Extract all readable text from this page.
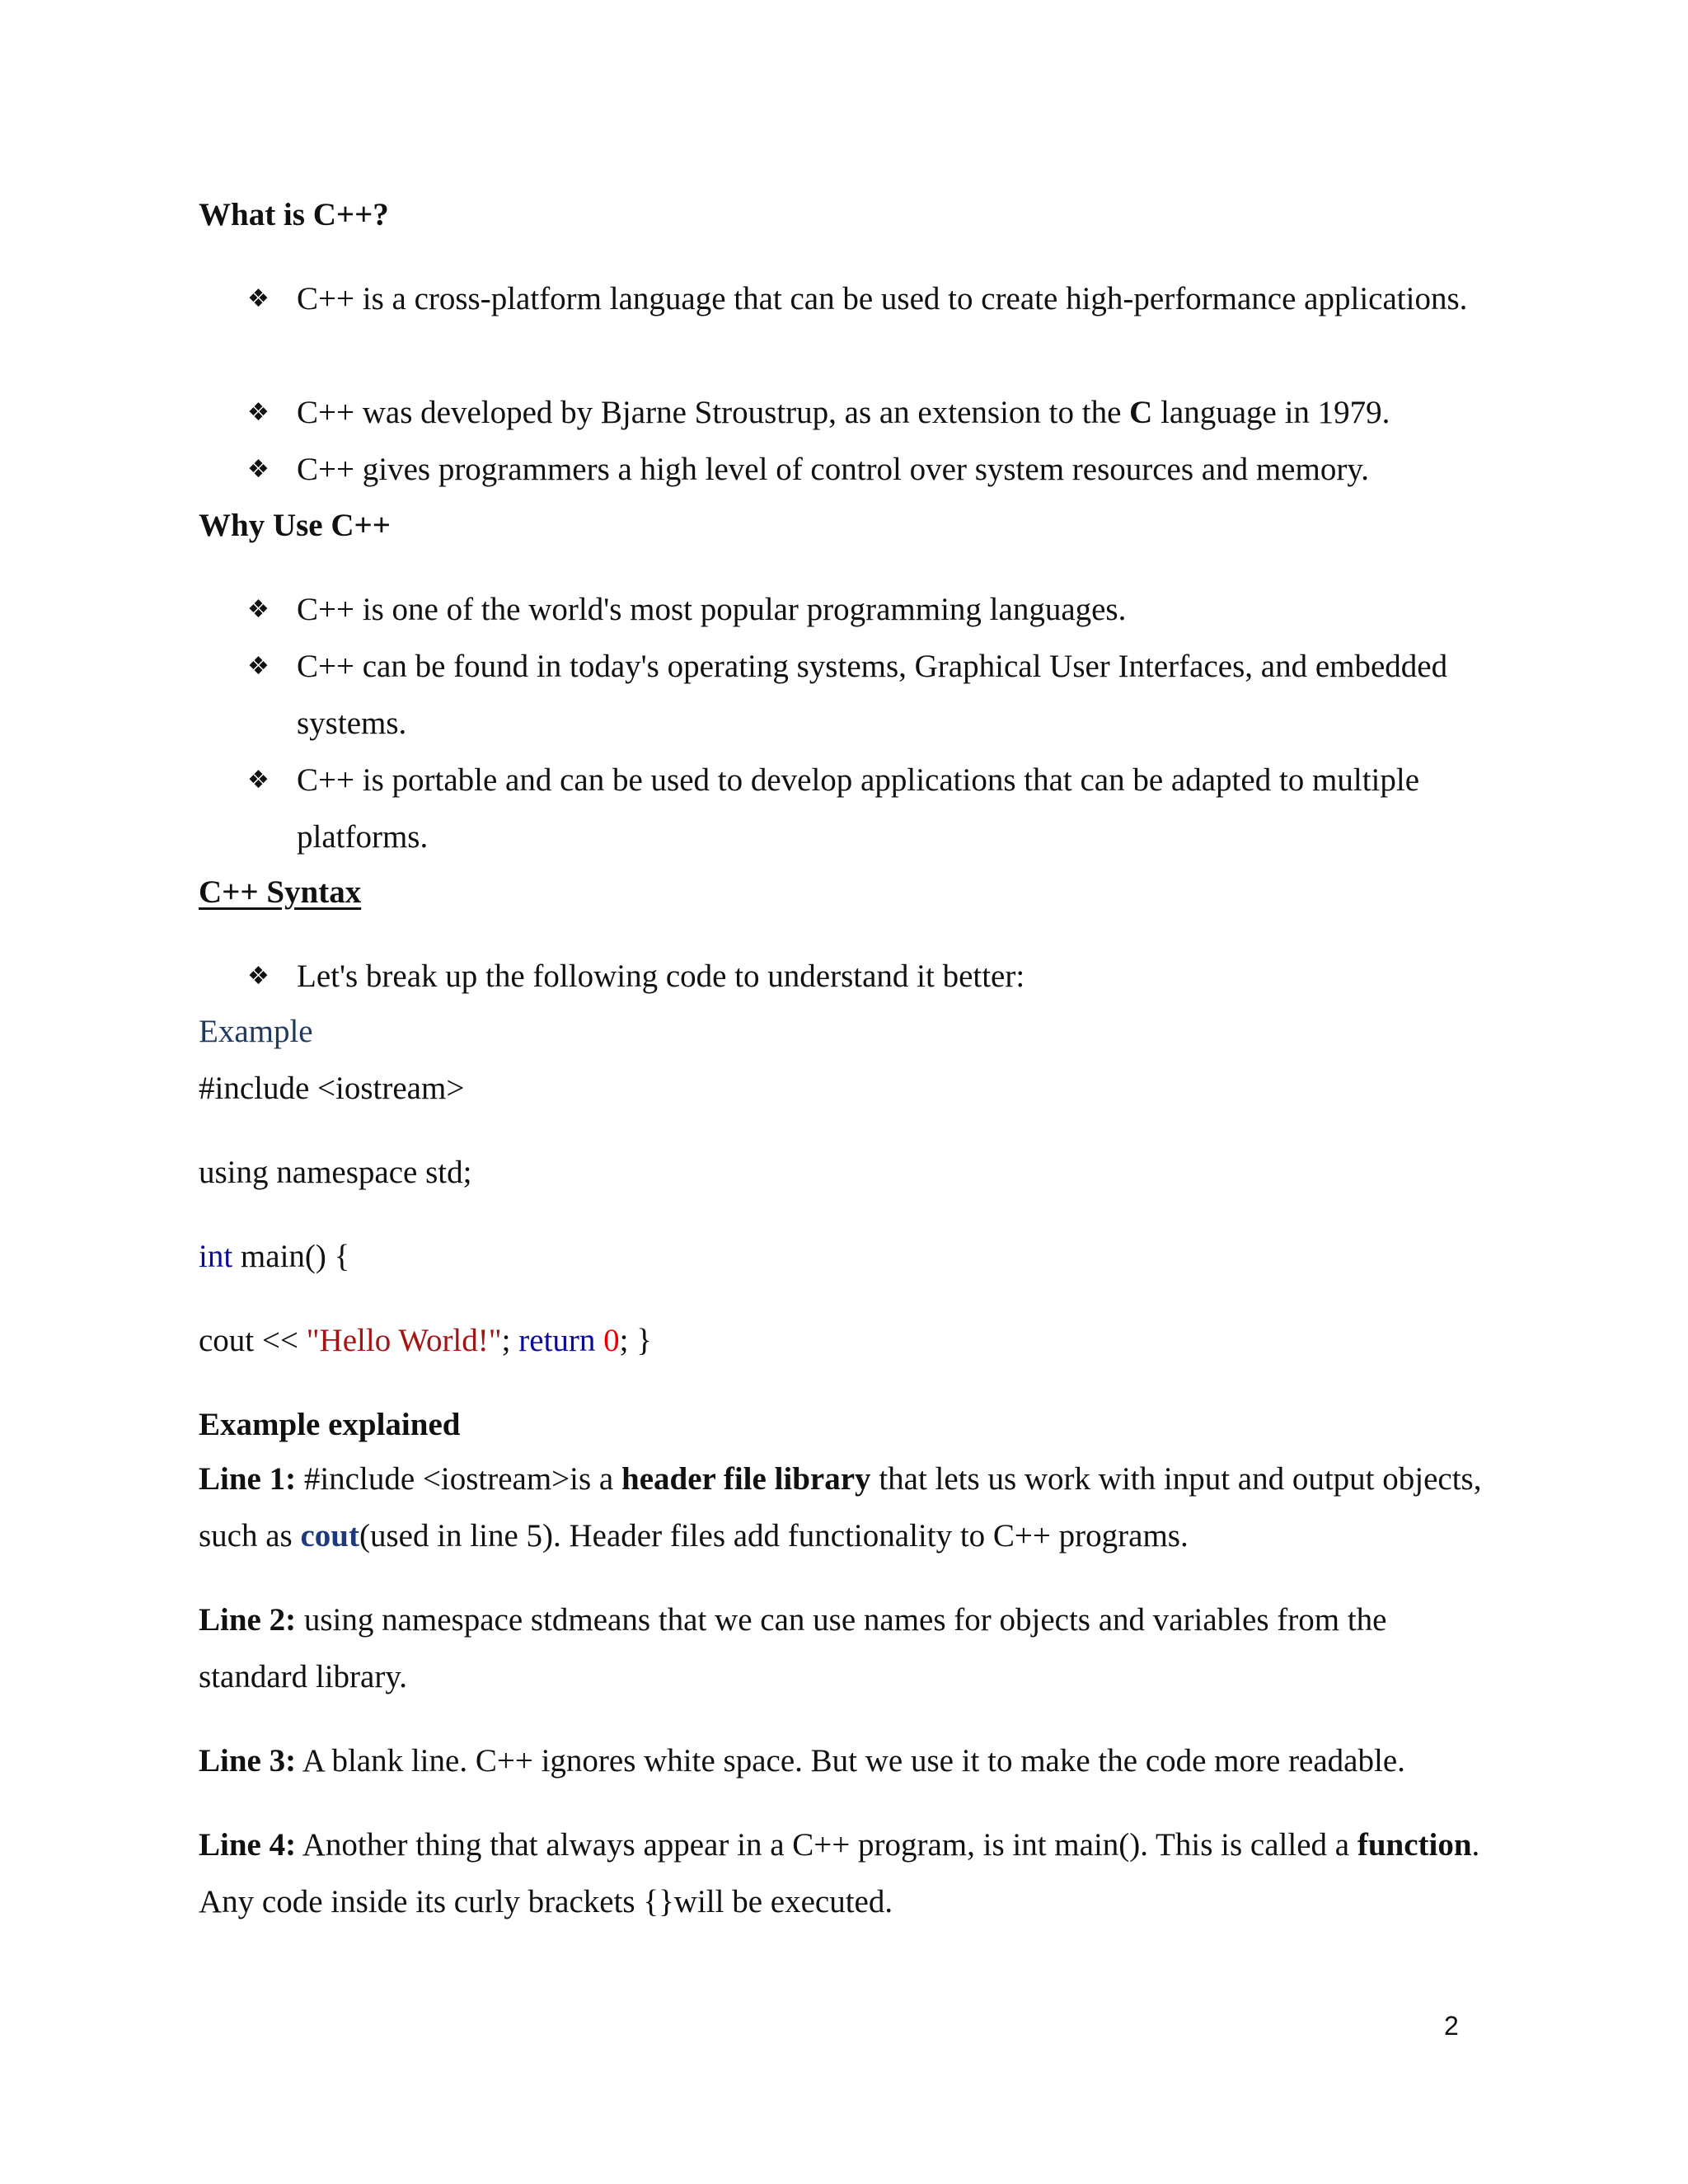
What is C++?
❖ C++ is a cross-platform language that can be used to create high-performance applications.
❖ C++ was developed by Bjarne Stroustrup, as an extension to the C language in 1979.
❖ C++ gives programmers a high level of control over system resources and memory.
Why Use C++
❖ C++ is one of the world's most popular programming languages.
❖ C++ can be found in today's operating systems, Graphical User Interfaces, and embedded systems.
❖ C++ is portable and can be used to develop applications that can be adapted to multiple platforms.
C++ Syntax
❖ Let's break up the following code to understand it better:
Example
#include <iostream>
using namespace std;
int main() {
cout << "Hello World!"; return 0; }
Example explained
Line 1: #include <iostream>is a header file library that lets us work with input and output objects, such as cout(used in line 5). Header files add functionality to C++ programs.
Line 2: using namespace stdmeans that we can use names for objects and variables from the standard library.
Line 3: A blank line. C++ ignores white space. But we use it to make the code more readable.
Line 4: Another thing that always appear in a C++ program, is int main(). This is called a function. Any code inside its curly brackets {}will be executed.
2
